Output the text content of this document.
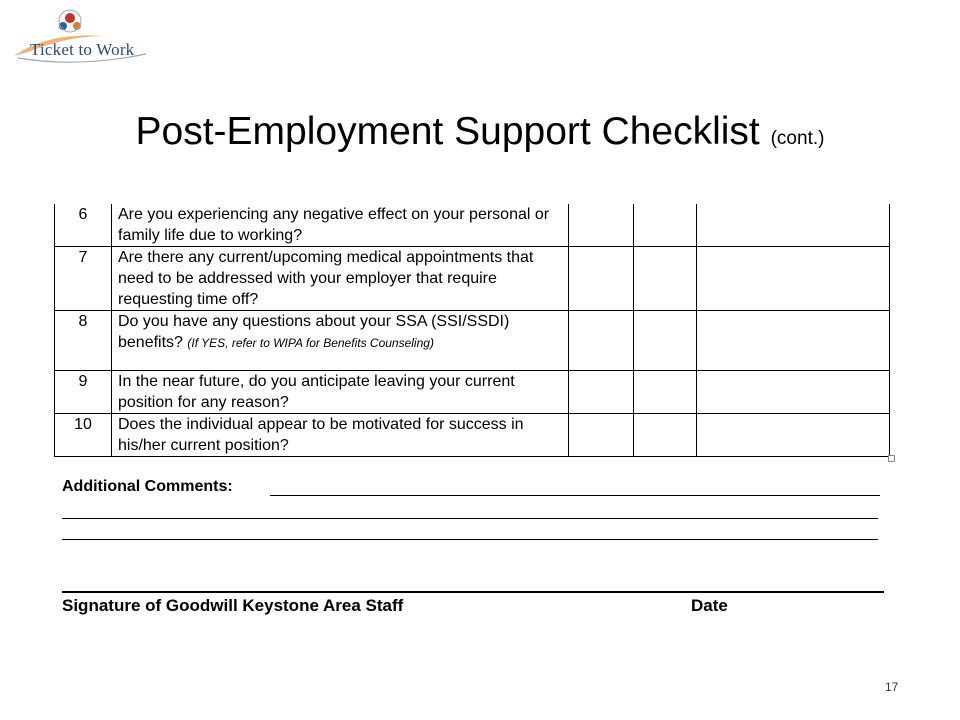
Ticket to Work
Post-Employment Support Checklist (cont.)
6	Are you experiencing any negative effect on your personal or family life due to working?			
7	Are there any current/upcoming medical appointments that need to be addressed with your employer that require requesting time off?			
8	Do you have any questions about your SSA (SSI/SSDI) benefits? (If YES, refer to WIPA for Benefits Counseling)			
9	In the near future, do you anticipate leaving your current position for any reason?			
10	Does the individual appear to be motivated for success in his/her current position?			
Additional Comments:
Signature of Goodwill Keystone Area Staff	Date
17
